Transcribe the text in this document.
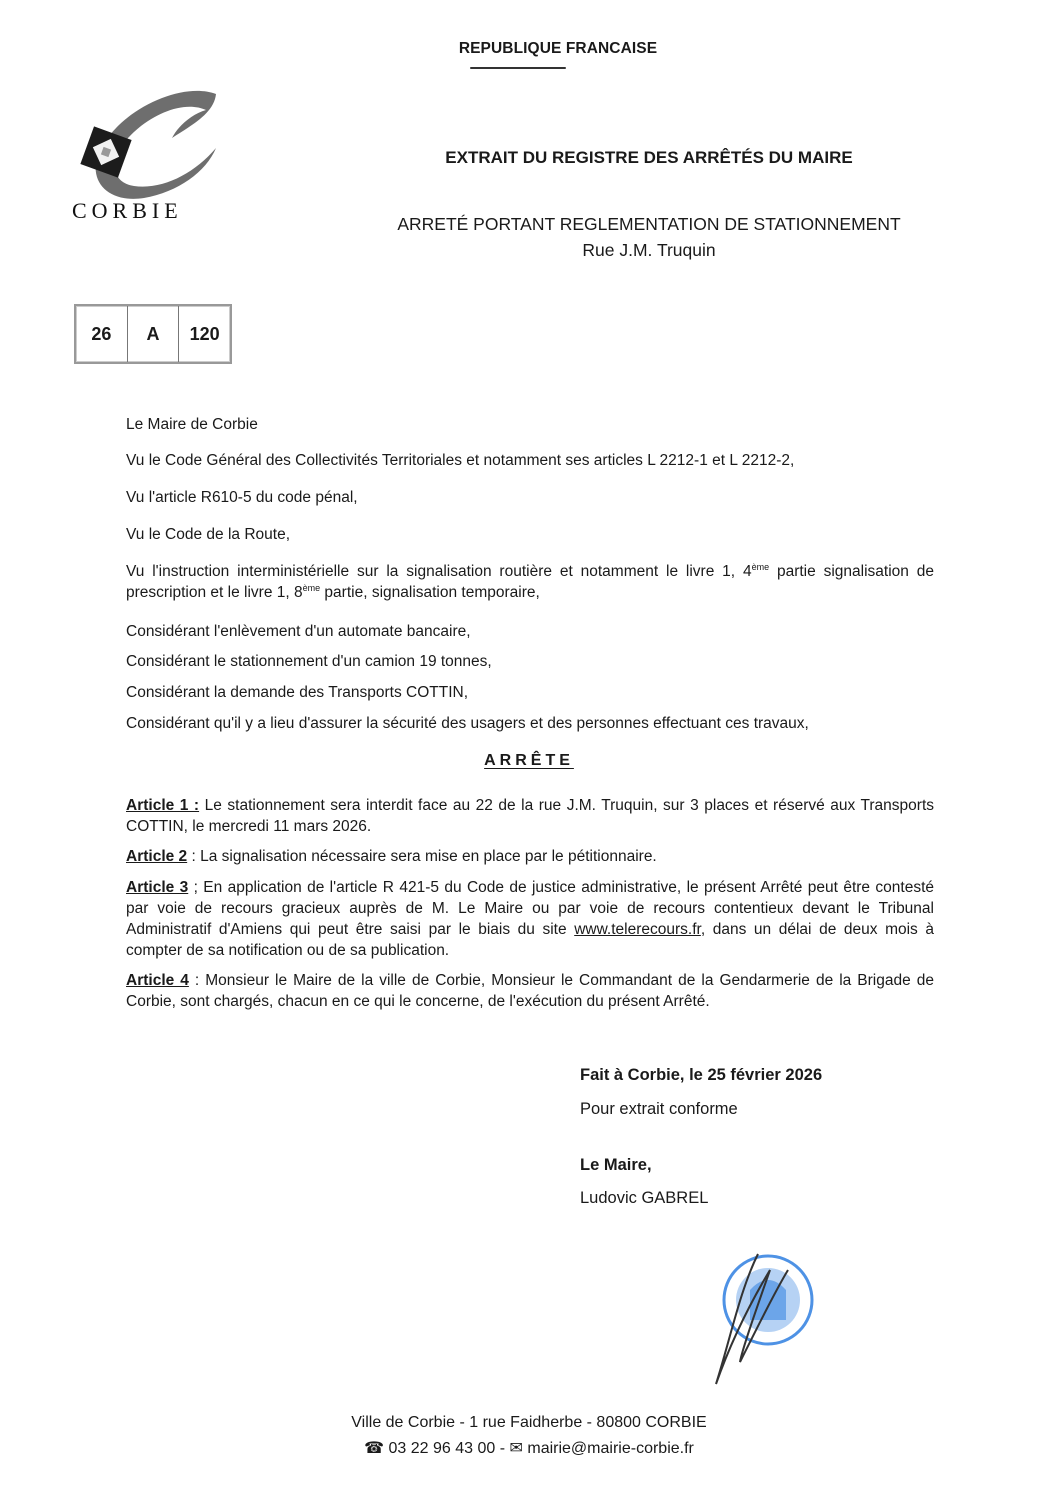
REPUBLIQUE FRANCAISE
CORBIE
EXTRAIT DU REGISTRE DES ARRÊTÉS DU MAIRE
ARRETÉ PORTANT REGLEMENTATION DE STATIONNEMENT
Rue J.M. Truquin
26	A	120
Le Maire de Corbie
Vu le Code Général des Collectivités Territoriales et notamment ses articles L 2212-1 et L 2212-2,
Vu l'article R610-5 du code pénal,
Vu le Code de la Route,
Vu l'instruction interministérielle sur la signalisation routière et notamment le livre 1, 4ème partie signalisation de prescription et le livre 1, 8ème partie, signalisation temporaire,
Considérant l'enlèvement d'un automate bancaire,
Considérant le stationnement d'un camion 19 tonnes,
Considérant la demande des Transports COTTIN,
Considérant qu'il y a lieu d'assurer la sécurité des usagers et des personnes effectuant ces travaux,
ARRÊTE
Article 1 : Le stationnement sera interdit face au 22 de la rue J.M. Truquin, sur 3 places et réservé aux Transports COTTIN, le mercredi 11 mars 2026.
Article 2 : La signalisation nécessaire sera mise en place par le pétitionnaire.
Article 3 ; En application de l'article R 421-5 du Code de justice administrative, le présent Arrêté peut être contesté par voie de recours gracieux auprès de M. Le Maire ou par voie de recours contentieux devant le Tribunal Administratif d'Amiens qui peut être saisi par le biais du site www.telerecours.fr, dans un délai de deux mois à compter de sa notification ou de sa publication.
Article 4 : Monsieur le Maire de la ville de Corbie, Monsieur le Commandant de la Gendarmerie de la Brigade de Corbie, sont chargés, chacun en ce qui le concerne, de l'exécution du présent Arrêté.
Fait à Corbie, le 25 février 2026
Pour extrait conforme
Le Maire,
Ludovic GABREL
Ville de Corbie - 1 rue Faidherbe - 80800 CORBIE
☎ 03 22 96 43 00 - ✉ mairie@mairie-corbie.fr
